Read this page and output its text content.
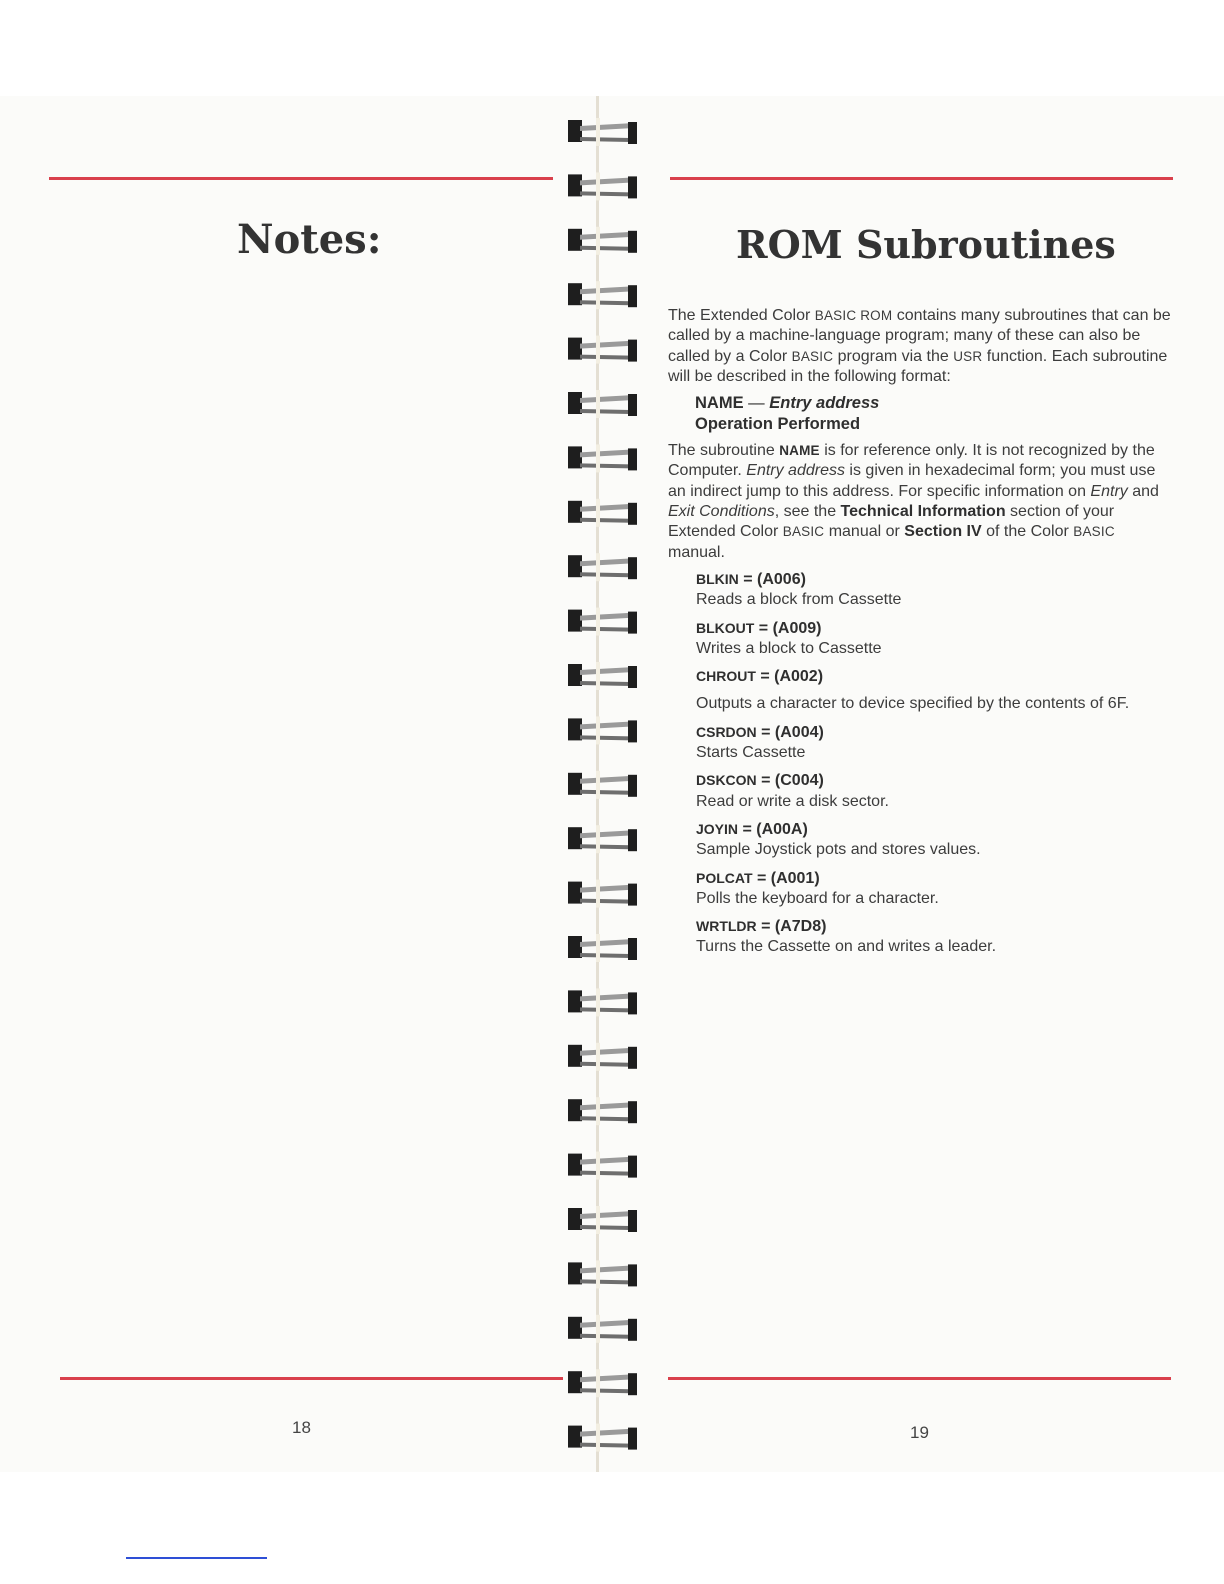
Notes:
18
ROM Subroutines

The Extended Color BASIC ROM contains many subroutines that can be called by a machine-language program; many of these can also be called by a Color BASIC program via the USR function. Each subroutine will be described in the following format:

NAME — Entry address
Operation Performed

The subroutine NAME is for reference only. It is not recognized by the Computer. Entry address is given in hexadecimal form; you must use an indirect jump to this address. For specific information on Entry and Exit Conditions, see the Technical Information section of your Extended Color BASIC manual or Section IV of the Color BASIC manual.

BLKIN = (A006)
Reads a block from Cassette
BLKOUT = (A009)
Writes a block to Cassette
CHROUT = (A002)
Outputs a character to device specified by the contents of 6F.
CSRDON = (A004)
Starts Cassette
DSKCON = (C004)
Read or write a disk sector.
JOYIN = (A00A)
Sample Joystick pots and stores values.
POLCAT = (A001)
Polls the keyboard for a character.
WRTLDR = (A7D8)
Turns the Cassette on and writes a leader.
19
